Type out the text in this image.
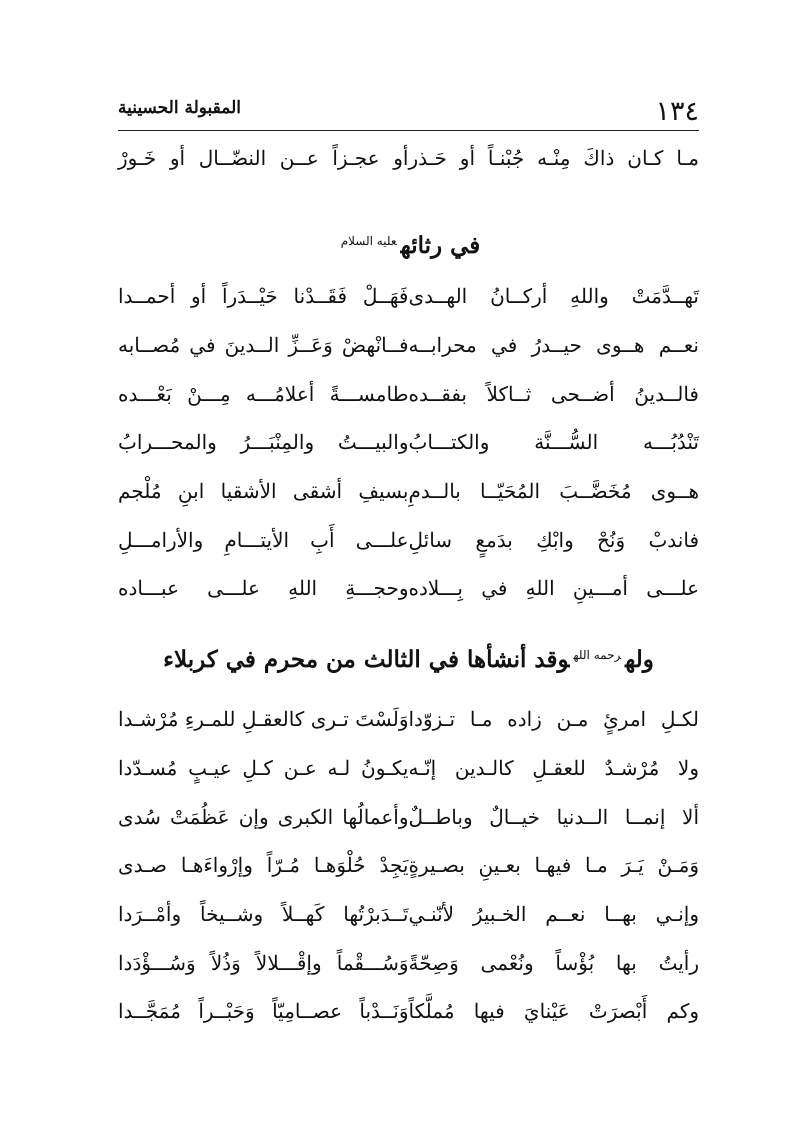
١٣٤
المقبولة الحسينية
مـا كـان ذاكَ مِنْـه جُبْنـاً أو حَـذر
أو عجـزاً عــن النضّــال أو خَـورْ
في رثائه$^{عليه السلام}$
تَهــدَّمَتْ واللهِ أركــانُ الهــدى
فَهَــلْ فَقَــدْنا حَيْــدَراً أو أحمــدا
نعــم هــوى حيــدرُ في محرابــه
فــانْهضْ وَعَــزِّ الــدينَ في مُصــابه
فالــدينُ أضــحى ثــاكلاً بفقــده
طامســـةً أعلامُـــه مِـــنْ بَعْـــده
تَنْدُبُـــه السُّـــنَّة والكتـــابُ
والبيـــتُ والمِنْبَـــرُ والمحـــرابُ
هــوى مُخَضَّــبَ المُحَيّــا بالــدمِ
بسيفِ أشقى الأشقيا ابنِ مُلْجم
فاندبْ وَنُحْ وابْكِ بدَمعٍ سائلِ
علـــى أَبِ الأيتـــامِ والأرامـــلِ
علـــى أمـــينِ اللهِ في بِـــلاده
وحجـــةِ اللهِ علـــى عبـــاده
وله$^{رحمه الله}$وقد أنشأها في الثالث من محرم في كربلاء
لكـلِ امرئٍ مـن زاده مـا تـزوّدا
وَلَسْتَ تـرى كالعقـلِ للمـرءِ مُرْشـدا
ولا مُرْشـدٌ للعقـلِ كالـدين إنّـه
يكـونُ لـه عـن كـلِ عيـبٍ مُسـدّدا
ألا إنمــا الــدنيا خيــالٌ وباطــلٌ
وأعمالُها الكبرى وإن عَظُمَتْ سُدى
وَمَـنْ يَـرَ مـا فيهـا بعـينِ بصـيرةٍ
يَجِدْ حُلْوَهـا مُـرّاً وإرْواءَهـا صـدى
وإنـي بهــا نعــم الخـبيرُ لأنّنـي
تَــدَبرْتُها كَهــلاً وشــيخاً وأمْــرَدا
رأيتُ بها بُؤْساً ونُعْمى وَصِحّةً
وَسُـــقْماً وإقْـــلالاً وَذُلاً وَسُـــؤْدَدا
وكم أَبْصرَتْ عَيْنايَ فيها مُملَّكاً
وَنَــدْباً عصــامِيّاً وَحَبْــراً مُمَجَّــدا
